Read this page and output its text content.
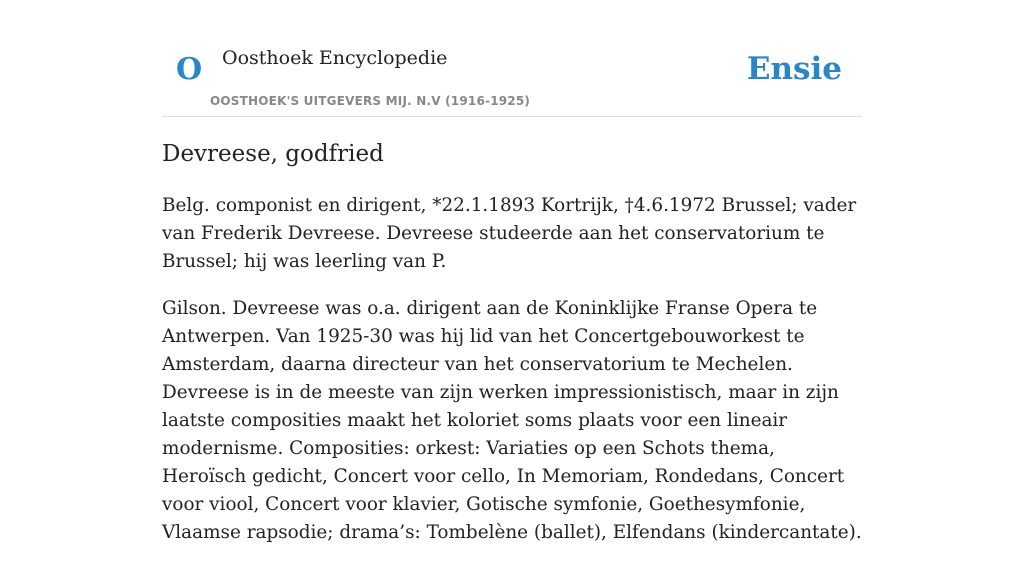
O Oosthoek Encyclopedie
OOSTHOEK'S UITGEVERS MIJ. N.V (1916-1925)
Ensie
Devreese, godfried

Belg. componist en dirigent, *22.1.1893 Kortrijk, †4.6.1972 Brussel; vader van Frederik Devreese. Devreese studeerde aan het conservatorium te Brussel; hij was leerling van P.

Gilson. Devreese was o.a. dirigent aan de Koninklijke Franse Opera te Antwerpen. Van 1925-30 was hij lid van het Concertgebouworkest te Amsterdam, daarna directeur van het conservatorium te Mechelen. Devreese is in de meeste van zijn werken impressionistisch, maar in zijn laatste composities maakt het koloriet soms plaats voor een lineair modernisme. Composities: orkest: Variaties op een Schots thema, Heroïsch gedicht, Concert voor cello, In Memoriam, Rondedans, Concert voor viool, Concert voor klavier, Gotische symfonie, Goethesymfonie, Vlaamse rapsodie; drama’s: Tombelène (ballet), Elfendans (kindercantate).
